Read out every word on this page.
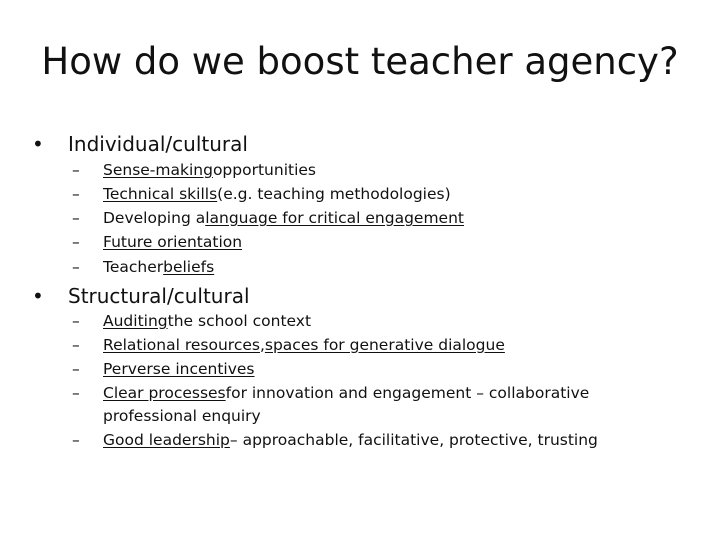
How do we boost teacher agency?
•	Individual/cultural
–	Sense-making opportunities
–	Technical skills (e.g. teaching methodologies)
–	Developing a language for critical engagement
–	Future orientation
–	Teacher beliefs
•	Structural/cultural
–	Auditing the school context
–	Relational resources , spaces for generative dialogue
–	Perverse incentives
–	Clear processes for innovation and engagement – collaborative
professional enquiry
–	Good leadership – approachable, facilitative, protective, trusting
